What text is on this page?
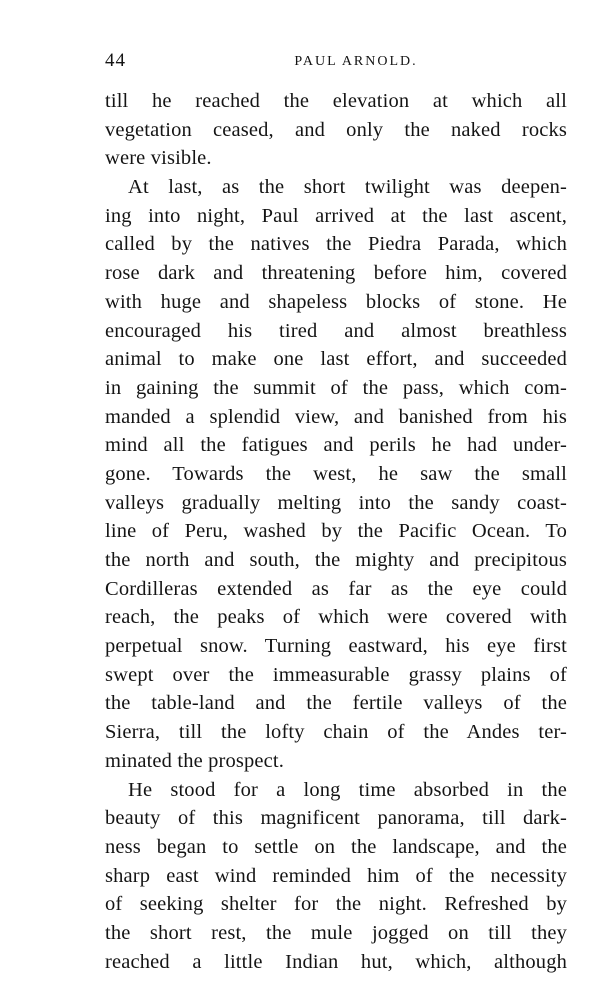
44	PAUL ARNOLD.
till he reached the elevation at which all
vegetation ceased, and only the naked rocks
were visible.
At last, as the short twilight was deepen-
ing into night, Paul arrived at the last ascent,
called by the natives the Piedra Parada, which
rose dark and threatening before him, covered
with huge and shapeless blocks of stone. He
encouraged his tired and almost breathless
animal to make one last effort, and succeeded
in gaining the summit of the pass, which com-
manded a splendid view, and banished from his
mind all the fatigues and perils he had under-
gone. Towards the west, he saw the small
valleys gradually melting into the sandy coast-
line of Peru, washed by the Pacific Ocean. To
the north and south, the mighty and precipitous
Cordilleras extended as far as the eye could
reach, the peaks of which were covered with
perpetual snow. Turning eastward, his eye first
swept over the immeasurable grassy plains of
the table-land and the fertile valleys of the
Sierra, till the lofty chain of the Andes ter-
minated the prospect.
He stood for a long time absorbed in the
beauty of this magnificent panorama, till dark-
ness began to settle on the landscape, and the
sharp east wind reminded him of the necessity
of seeking shelter for the night. Refreshed by
the short rest, the mule jogged on till they
reached a little Indian hut, which, although
